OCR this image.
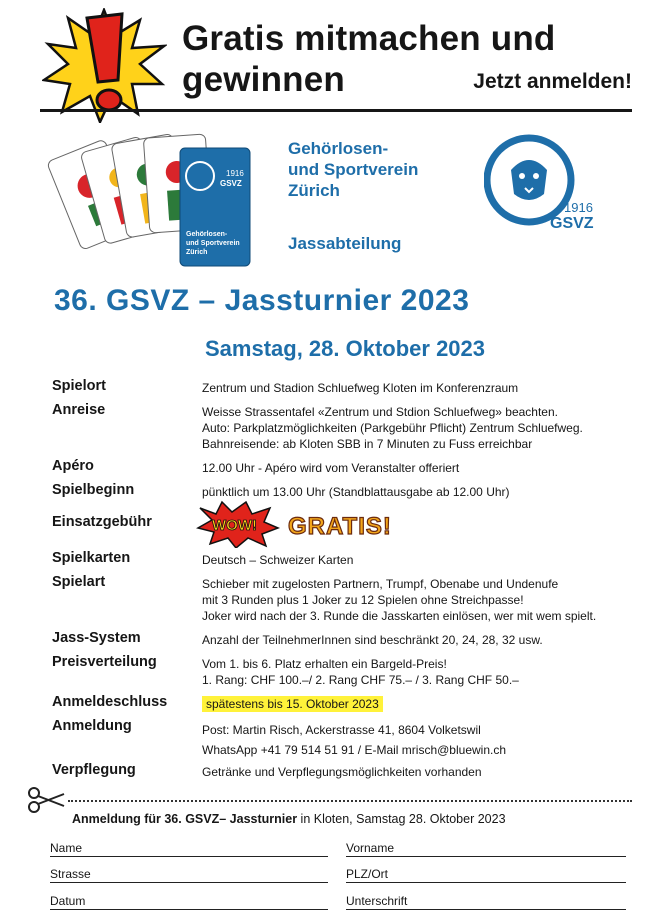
Gratis mitmachen und
gewinnen	Jetzt anmelden!
1916
GSVZ
Gehörlosen-
und Sportverein
Zürich
Gehörlosen-
und Sportverein
Zürich
Jassabteilung
1916
GSVZ
36. GSVZ – Jassturnier 2023
Samstag, 28. Oktober 2023
Spielort	Zentrum und Stadion Schluefweg Kloten im Konferenzraum
Anreise	Weisse Strassentafel «Zentrum und Stdion Schluefweg» beachten.
Auto: Parkplatzmöglichkeiten (Parkgebühr Pflicht) Zentrum Schluefweg.
Bahnreisende: ab Kloten SBB in 7 Minuten zu Fuss erreichbar
Apéro	12.00 Uhr - Apéro wird vom Veranstalter offeriert
Spielbeginn	pünktlich um 13.00 Uhr (Standblattausgabe ab 12.00 Uhr)
Einsatzgebühr	WOW! GRATIS!
Spielkarten	Deutsch – Schweizer Karten
Spielart	Schieber mit zugelosten Partnern, Trumpf, Obenabe und Undenufe
mit 3 Runden plus 1 Joker zu 12 Spielen ohne Streichpasse!
Joker wird nach der 3. Runde die Jasskarten einlösen, wer mit wem spielt.
Jass-System	Anzahl der TeilnehmerInnen sind beschränkt 20, 24, 28, 32 usw.
Preisverteilung	Vom 1. bis 6. Platz erhalten ein Bargeld-Preis!
1. Rang: CHF 100.–/ 2. Rang CHF 75.– / 3. Rang CHF 50.–
Anmeldeschluss	spätestens bis 15. Oktober 2023
Anmeldung	Post: Martin Risch, Ackerstrasse 41, 8604 Volketswil
WhatsApp +41 79 514 51 91 / E-Mail mrisch@bluewin.ch
Verpflegung	Getränke und Verpflegungsmöglichkeiten vorhanden
Anmeldung für 36. GSVZ– Jassturnier in Kloten, Samstag 28. Oktober 2023
Name	Vorname
Strasse	PLZ/Ort
Datum	Unterschrift
